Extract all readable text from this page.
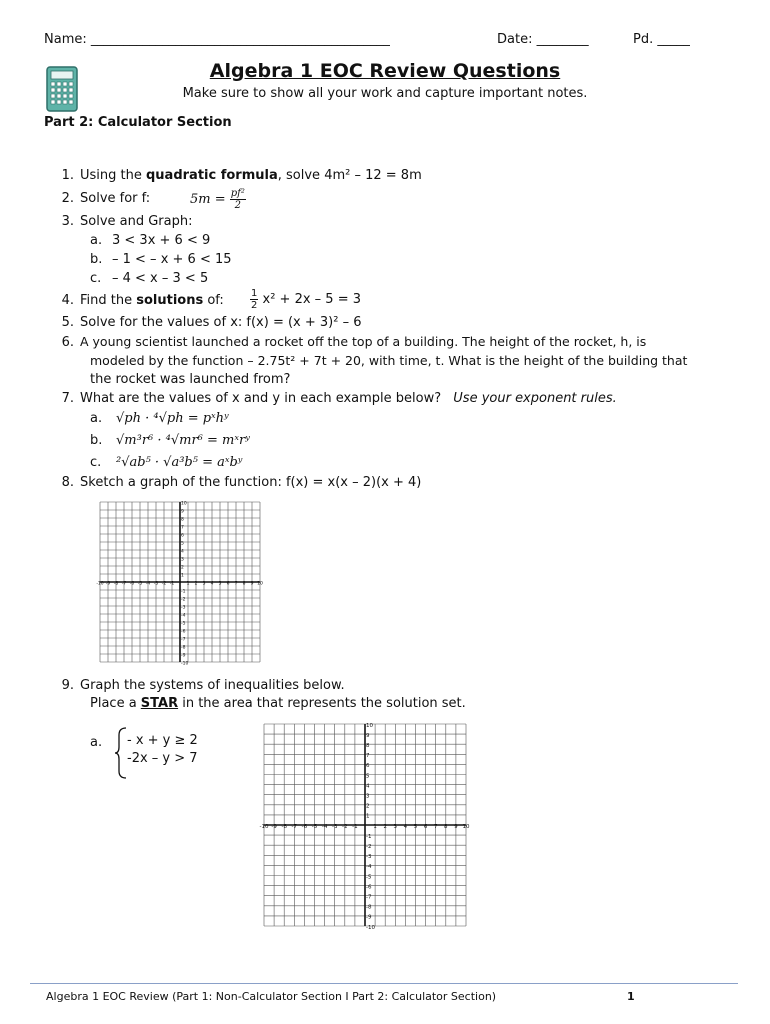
Name: ______________________________________________	Date: ________	Pd. _____
Algebra 1 EOC Review Questions
Make sure to show all your work and capture important notes.
Part 2: Calculator Section
1. Using the quadratic formula, solve 4m² – 12 = 8m
2. Solve for f:	$5m = \frac{\text{pf²}}{2}$
3. Solve and Graph:
a. 3 < 3x + 6 < 9
b. – 1 < – x + 6 < 15
c. – 4 < x – 3 < 5
4. Find the solutions of:	$\frac{1}{2} x^2 + 2x - 5 = 3$
5. Solve for the values of x: f(x) = (x + 3)² – 6
6. A young scientist launched a rocket off the top of a building. The height of the rocket, h, is
modeled by the function – 2.75t² + 7t + 20, with time, t. What is the height of the building that
the rocket was launched from?
7. What are the values of x and y in each example below? Use your exponent rules.
a. √ph · ⁴√ph = pˣhʸ
b. √m³r⁶ · ⁴√mr⁶ = mˣrʸ
c. ²√ab⁵ · √a³b⁵ = aˣbʸ
8. Sketch a graph of the function: f(x) = x(x – 2)(x + 4)
-10 -9 -8 -7 -6 -5 -4 -3 -2 -1	1 2 3 4 5 6 7 8 9 10
10
9
8
7
6
5
4
3
2
1
-1
-2
-3
-4
-5
-6
-7
-8
-9
-10
9. Graph the systems of inequalities below.
Place a STAR in the area that represents the solution set.
a. - x + y ≥ 2
-2x – y > 7
-10 -9 -8 -7 -6 -5 -4 -3 -2 -1	1 2 3 4 5 6 7 8 9 10
10
9
8
7
6
5
4
3
2
1
-1
-2
-3
-4
-5
-6
-7
-8
-9
-10
Algebra 1 EOC Review (Part 1: Non-Calculator Section I Part 2: Calculator Section)	1
